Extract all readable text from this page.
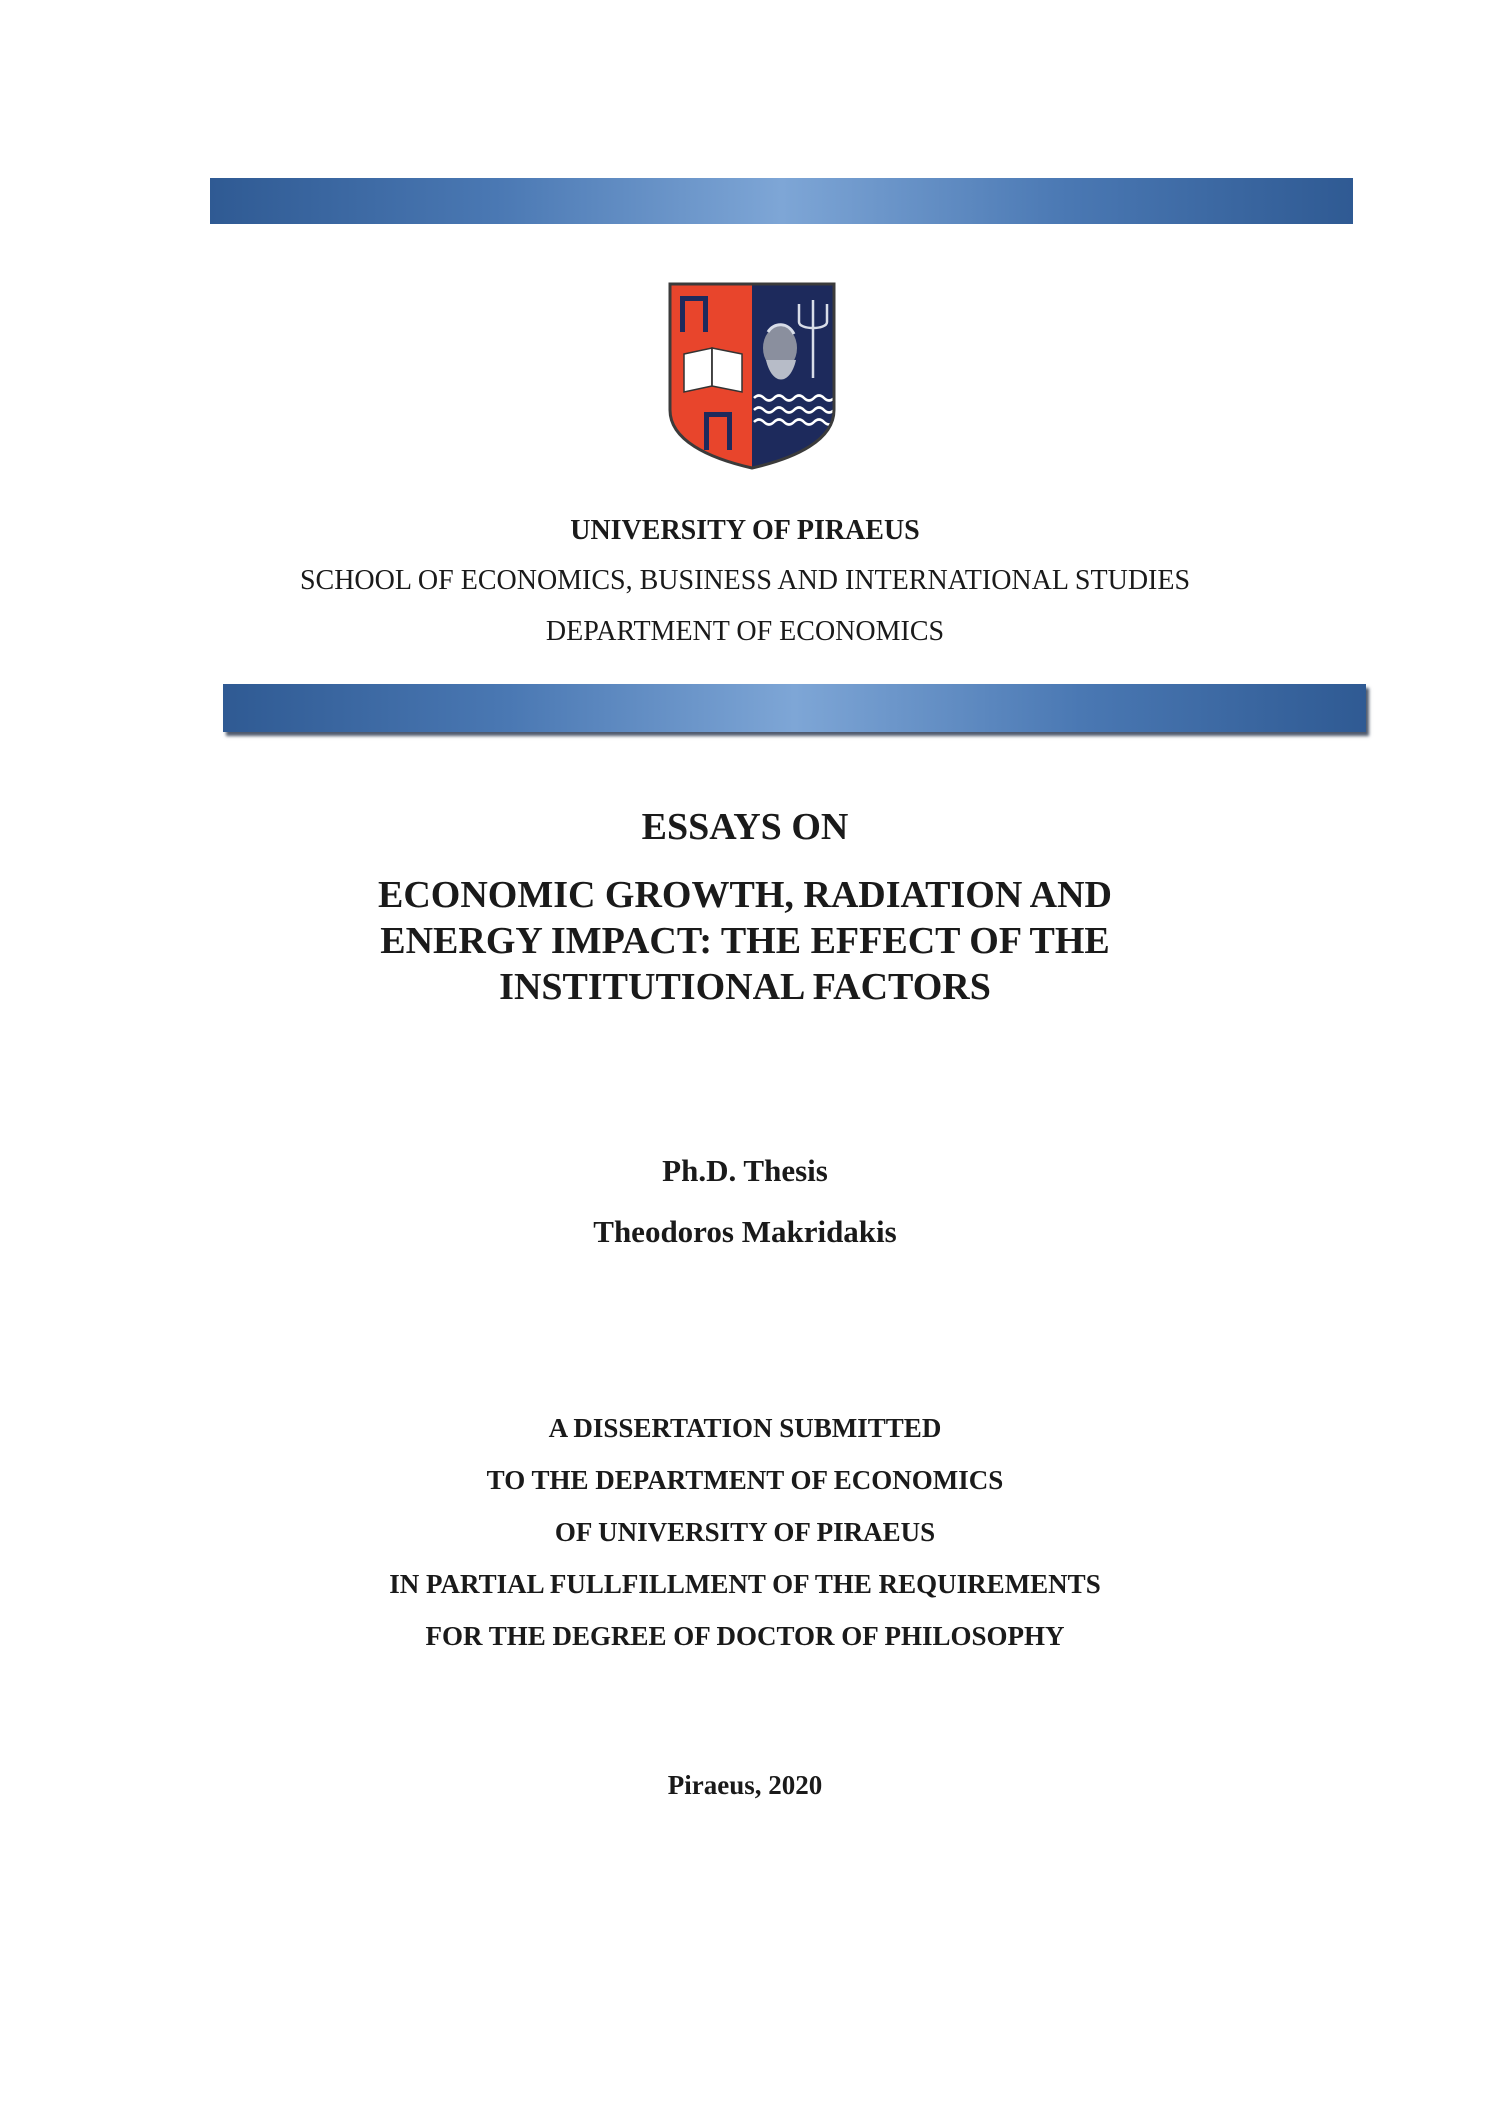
UNIVERSITY OF PIRAEUS
SCHOOL OF ECONOMICS, BUSINESS AND INTERNATIONAL STUDIES
DEPARTMENT OF ECONOMICS
ESSAYS ON
ECONOMIC GROWTH, RADIATION AND
ENERGY IMPACT: THE EFFECT OF THE
INSTITUTIONAL FACTORS
Ph.D. Thesis
Theodoros Makridakis
A DISSERTATION SUBMITTED
TO THE DEPARTMENT OF ECONOMICS
OF UNIVERSITY OF PIRAEUS
IN PARTIAL FULLFILLMENT OF THE REQUIREMENTS
FOR THE DEGREE OF DOCTOR OF PHILOSOPHY
Piraeus, 2020
